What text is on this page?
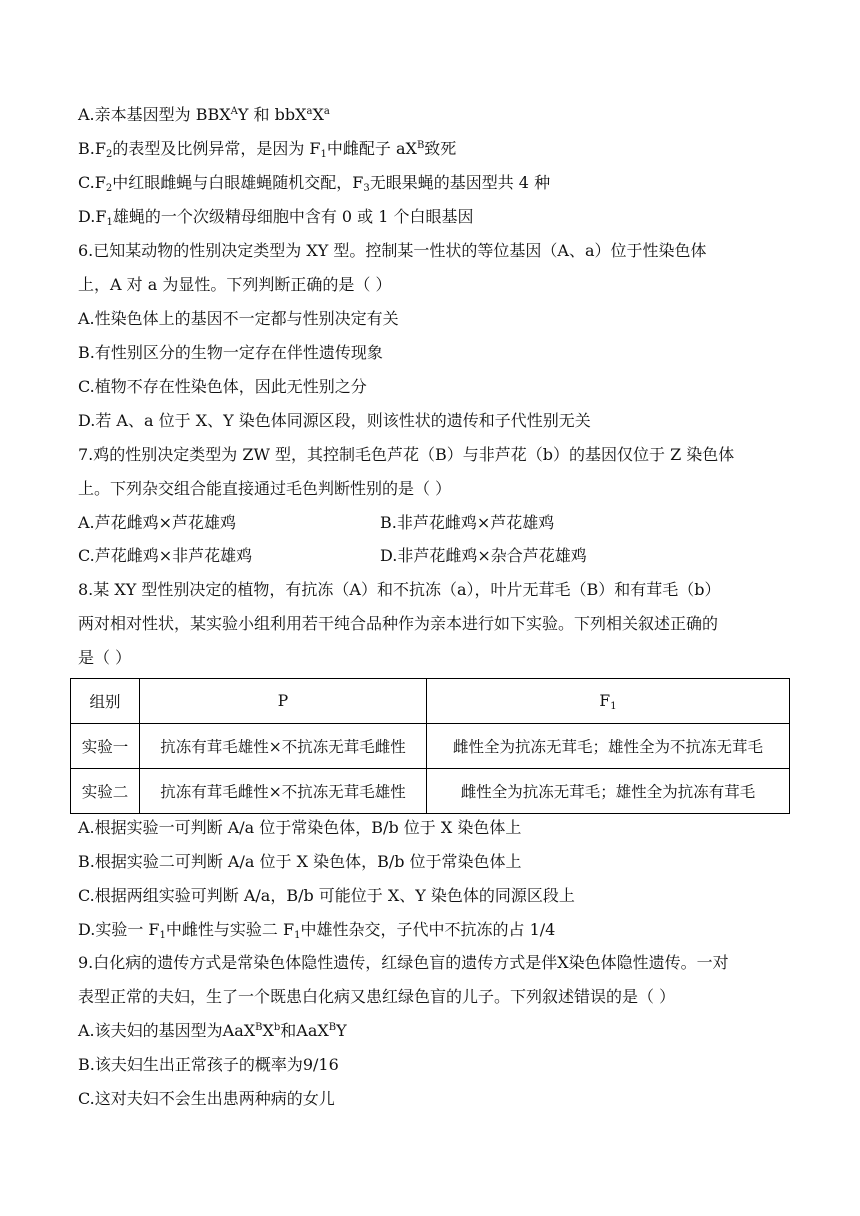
A.亲本基因型为 $BBX^AY$ 和 $bbX^aX^a$
$B.F_2$的表型及比例异常，是因为 $F_1$中雌配子 $aX^B$致死
$C.F_2$中红眼雌蝇与白眼雄蝇随机交配，$F_3$无眼果蝇的基因型共 4 种
$D.F_1$雄蝇的一个次级精母细胞中含有 0 或 1 个白眼基因
6.已知某动物的性别决定类型为 XY 型。控制某一性状的等位基因（A、a）位于性染色体
上，A 对 a 为显性。下列判断正确的是（ ）
A.性染色体上的基因不一定都与性别决定有关
B.有性别区分的生物一定存在伴性遗传现象
C.植物不存在性染色体，因此无性别之分
D.若 A、a 位于 X、Y 染色体同源区段，则该性状的遗传和子代性别无关
7.鸡的性别决定类型为 ZW 型，其控制毛色芦花（B）与非芦花（b）的基因仅位于 Z 染色体
上。下列杂交组合能直接通过毛色判断性别的是（ ）
A.芦花雌鸡×芦花雄鸡	B.非芦花雌鸡×芦花雄鸡
C.芦花雌鸡×非芦花雄鸡	D.非芦花雌鸡×杂合芦花雄鸡
8.某 XY 型性别决定的植物，有抗冻（A）和不抗冻（a），叶片无茸毛（B）和有茸毛（b）
两对相对性状，某实验小组利用若干纯合品种作为亲本进行如下实验。下列相关叙述正确的
是（ ）
组别	P	$F_1$
实验一	抗冻有茸毛雄性×不抗冻无茸毛雌性	雌性全为抗冻无茸毛；雄性全为不抗冻无茸毛
实验二	抗冻有茸毛雌性×不抗冻无茸毛雄性	雌性全为抗冻无茸毛；雄性全为抗冻有茸毛
A.根据实验一可判断 A/a 位于常染色体，B/b 位于 X 染色体上
B.根据实验二可判断 A/a 位于 X 染色体，B/b 位于常染色体上
C.根据两组实验可判断 A/a，B/b 可能位于 X、Y 染色体的同源区段上
D.实验一 $F_1$中雌性与实验二 $F_1$中雄性杂交，子代中不抗冻的占 1/4
9.白化病的遗传方式是常染色体隐性遗传，红绿色盲的遗传方式是伴X染色体隐性遗传。一对
表型正常的夫妇，生了一个既患白化病又患红绿色盲的儿子。下列叙述错误的是（ ）
A.该夫妇的基因型为$AaX^BX^b$和AaX$^B$Y
B.该夫妇生出正常孩子的概率为9/16
C.这对夫妇不会生出患两种病的女儿
